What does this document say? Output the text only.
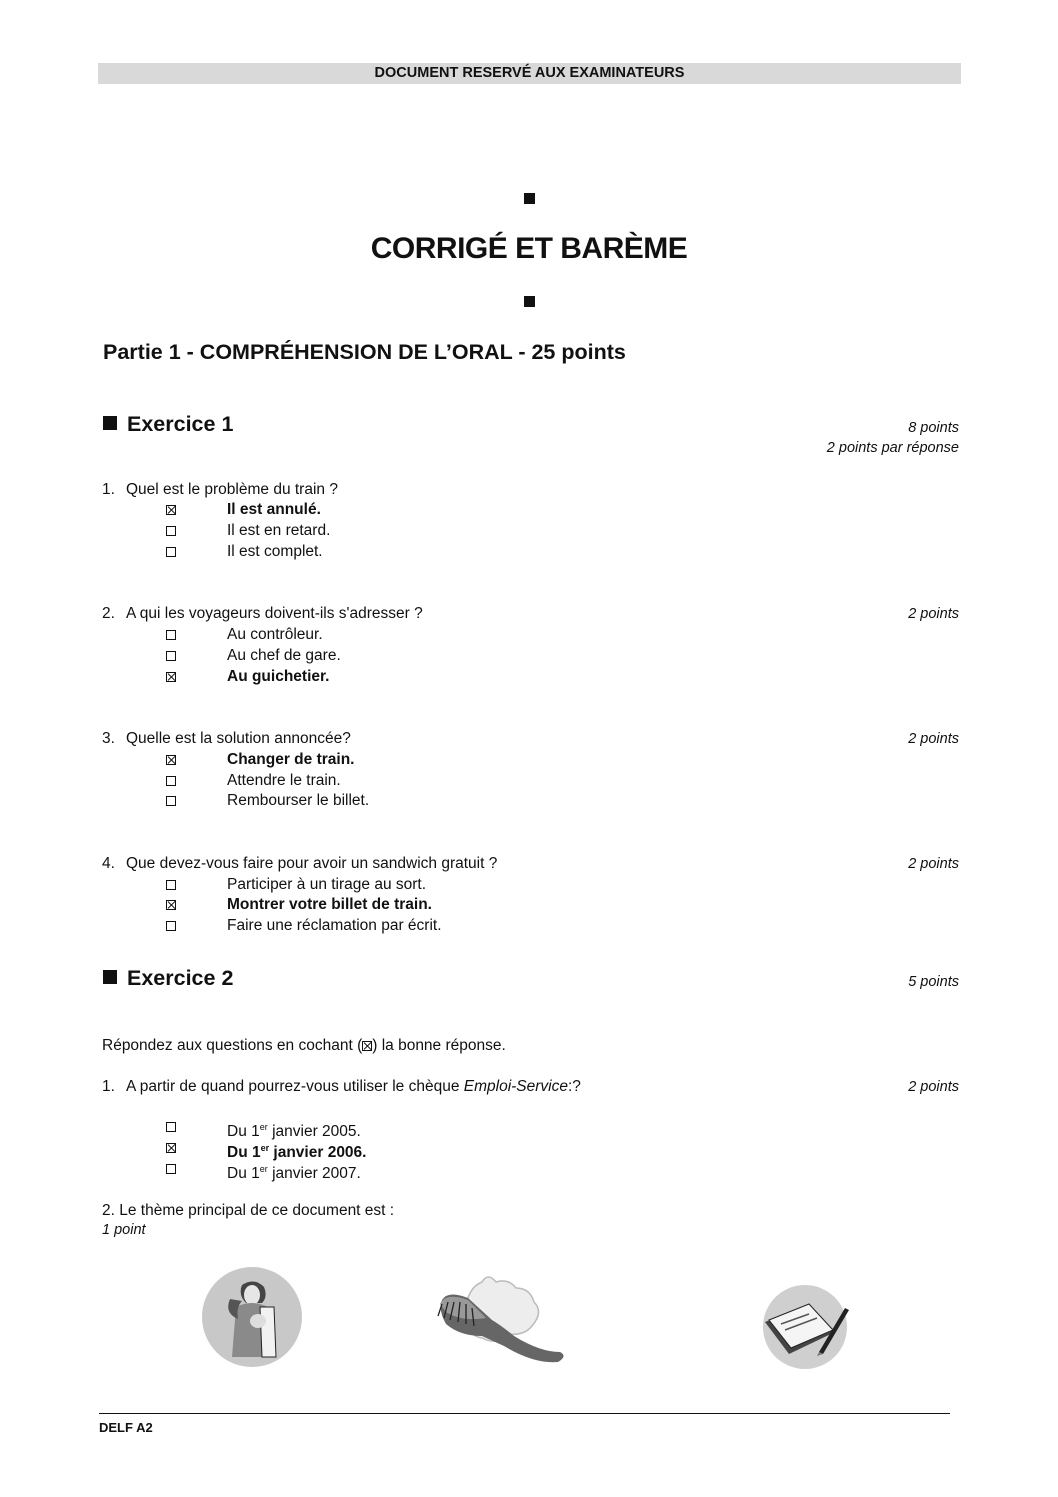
DOCUMENT RESERVÉ AUX EXAMINATEURS
CORRIGÉ ET BARÈME
Partie 1 - COMPRÉHENSION DE L’ORAL - 25 points
Exercice 1	8 points
2 points par réponse
1. Quel est le problème du train ?
Il est annulé.
Il est en retard.
Il est complet.
2. A qui les voyageurs doivent-ils s'adresser ?	2 points
Au contrôleur.
Au chef de gare.
Au guichetier.
3. Quelle est la solution annoncée?	2 points
Changer de train.
Attendre le train.
Rembourser le billet.
4. Que devez-vous faire pour avoir un sandwich gratuit ?	2 points
Participer à un tirage au sort.
Montrer votre billet de train.
Faire une réclamation par écrit.
Exercice 2	5 points
Répondez aux questions en cochant ( ) la bonne réponse.
1. A partir de quand pourrez-vous utiliser le chèque Emploi-Service:?	2 points
Du 1er janvier 2005.
Du 1er janvier 2006.
Du 1er janvier 2007.
2. Le thème principal de ce document est :
1 point
DELF A2
